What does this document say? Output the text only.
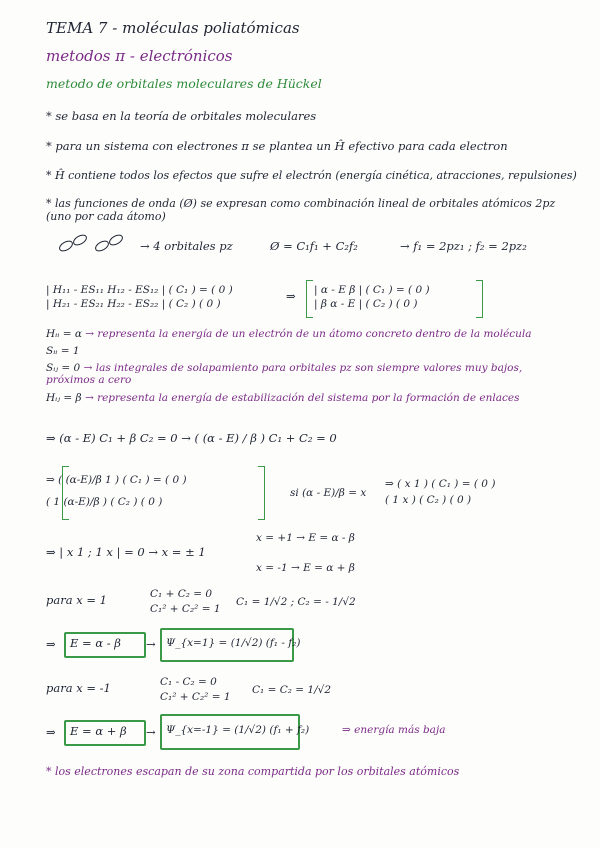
TEMA 7 - moléculas poliatómicas
metodos π - electrónicos
metodo de orbitales moleculares de Hückel
* se basa en la teoría de orbitales moleculares
* para un sistema con electrones π se plantea un Ĥ efectivo para cada electron
* Ĥ contiene todos los efectos que sufre el electrón (energía cinética, atracciones, repulsiones)
* las funciones de onda (Ø) se expresan como combinación lineal de orbitales atómicos 2pz (uno por cada átomo)
→ 4 orbitales pz	Ø = C₁f₁ + C₂f₂	→ f₁ = 2pz₁ ; f₂ = 2pz₂
| H₁₁ - ES₁₁ H₁₂ - ES₁₂ | ( C₁ ) = ( 0 )
| H₂₁ - ES₂₁ H₂₂ - ES₂₂ | ( C₂ ) ( 0 )
⇒ | α - E β | ( C₁ ) = ( 0 )
| β α - E | ( C₂ ) ( 0 )
Hᵢᵢ = α → representa la energía de un electrón de un átomo concreto dentro de la molécula
Sᵢᵢ = 1
Sᵢⱼ = 0 → las integrales de solapamiento para orbitales pz son siempre valores muy bajos, próximos a cero
Hᵢⱼ = β → representa la energía de estabilización del sistema por la formación de enlaces
⇒ (α - E) C₁ + β C₂ = 0 → ( (α - E) / β ) C₁ + C₂ = 0
⇒ ( (α-E)/β 1 ) ( C₁ ) = ( 0 )
( 1 (α-E)/β ) ( C₂ ) ( 0 )
si (α - E)/β = x
⇒ ( x 1 ) ( C₁ ) = ( 0 )
( 1 x ) ( C₂ ) ( 0 )
⇒ | x 1 ; 1 x | = 0 → x = ± 1
x = +1 → E = α - β
x = -1 → E = α + β
para x = 1	C₁ + C₂ = 0
C₁² + C₂² = 1
C₁ = 1/√2 ; C₂ = - 1/√2
⇒ E = α - β → Ψ_{x=1} = (1/√2) (f₁ - f₂)
para x = -1	C₁ - C₂ = 0
C₁² + C₂² = 1
C₁ = C₂ = 1/√2
⇒ E = α + β → Ψ_{x=-1} = (1/√2) (f₁ + f₂)	⇒ energía más baja
* los electrones escapan de su zona compartida por los orbitales atómicos
